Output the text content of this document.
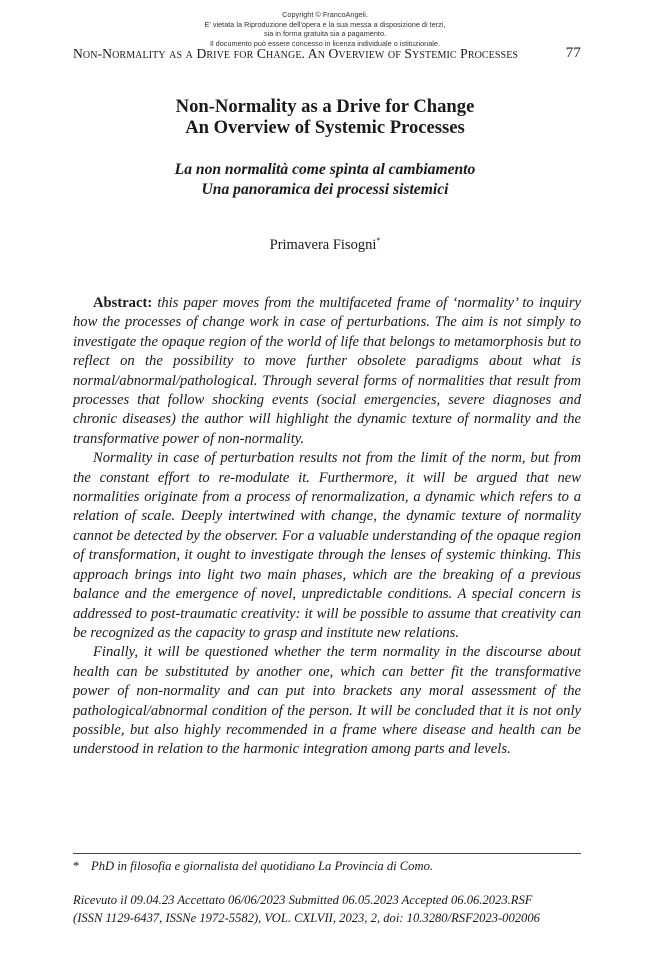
Copyright © FrancoAngeli.
E' vietata la Riproduzione dell'opera e la sua messa a disposizione di terzi,
sia in forma gratuita sia a pagamento.
Il documento può essere concesso in licenza individuale o istituzionale.
Non-Normality as a Drive for Change. An Overview of Systemic Processes	77
Non-Normality as a Drive for Change
An Overview of Systemic Processes
La non normalità come spinta al cambiamento
Una panoramica dei processi sistemici
Primavera Fisogni*

Abstract: this paper moves from the multifaceted frame of ‘normality’ to inquiry how the processes of change work in case of perturbations. The aim is not simply to investigate the opaque region of the world of life that belongs to metamorphosis but to reflect on the possibility to move further obsolete paradigms about what is normal/abnormal/pathological. Through several forms of normalities that result from processes that follow shocking events (social emergencies, severe diagnoses and chronic diseases) the author will highlight the dynamic texture of normality and the transformative power of non-normality.

Normality in case of perturbation results not from the limit of the norm, but from the constant effort to re-modulate it. Furthermore, it will be argued that new normalities originate from a process of renormalization, a dynamic which refers to a relation of scale. Deeply intertwined with change, the dynamic texture of normality cannot be detected by the observer. For a valuable understanding of the opaque region of transformation, it ought to investigate through the lenses of systemic thinking. This approach brings into light two main phases, which are the breaking of a previous balance and the emergence of novel, unpredictable conditions. A special concern is addressed to post-traumatic creativity: it will be possible to assume that creativity can be recognized as the capacity to grasp and institute new relations.

Finally, it will be questioned whether the term normality in the discourse about health can be substituted by another one, which can better fit the transformative power of non-normality and can put into brackets any moral assessment of the pathological/abnormal condition of the person. It will be concluded that it is not only possible, but also highly recommended in a frame where disease and health can be understood in relation to the harmonic integration among parts and levels.

* PhD in filosofia e giornalista del quotidiano La Provincia di Como.
Ricevuto il 09.04.23 Accettato 06/06/2023 Submitted 06.05.2023 Accepted 06.06.2023.RSF
(ISSN 1129-6437, ISSNe 1972-5582), VOL. CXLVII, 2023, 2, doi: 10.3280/RSF2023-002006
